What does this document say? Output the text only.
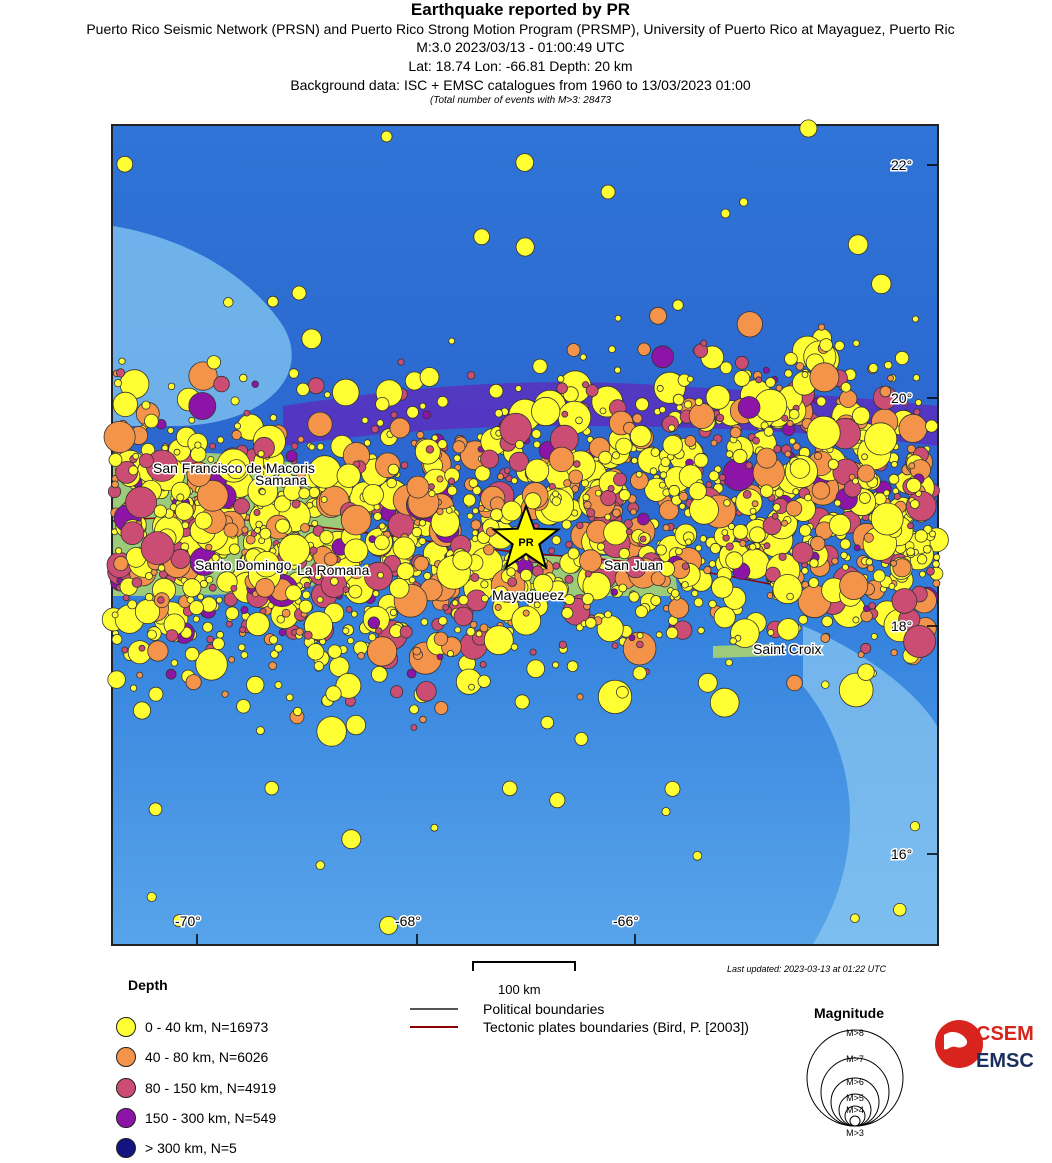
Earthquake reported by PR
Puerto Rico Seismic Network (PRSN) and Puerto Rico Strong Motion Program (PRSMP), University of Puerto Rico at Mayaguez, Puerto Ric
M:3.0 2023/03/13 - 01:00:49 UTC
Lat: 18.74 Lon: -66.81 Depth: 20 km
Background data: ISC + EMSC catalogues from 1960 to 13/03/2023 01:00
(Total number of events with M>3: 28473
PR
San Francisco de Macoris
Samana
Santo Domingo La Romana
Mayagueez
San Juan
Saint Croix
-70°	-68°	-66°
22°
20°
18°
16°
CSEM
EMSC
100 km
Last updated: 2023-03-13 at 01:22 UTC
Depth
0 - 40 km, N=16973
40 - 80 km, N=6026
80 - 150 km, N=4919
150 - 300 km, N=549
> 300 km, N=5
Political boundaries
Tectonic plates boundaries (Bird, P. [2003])
Magnitude
M>8
M>7
M>6
M>5
M>4
M>3
